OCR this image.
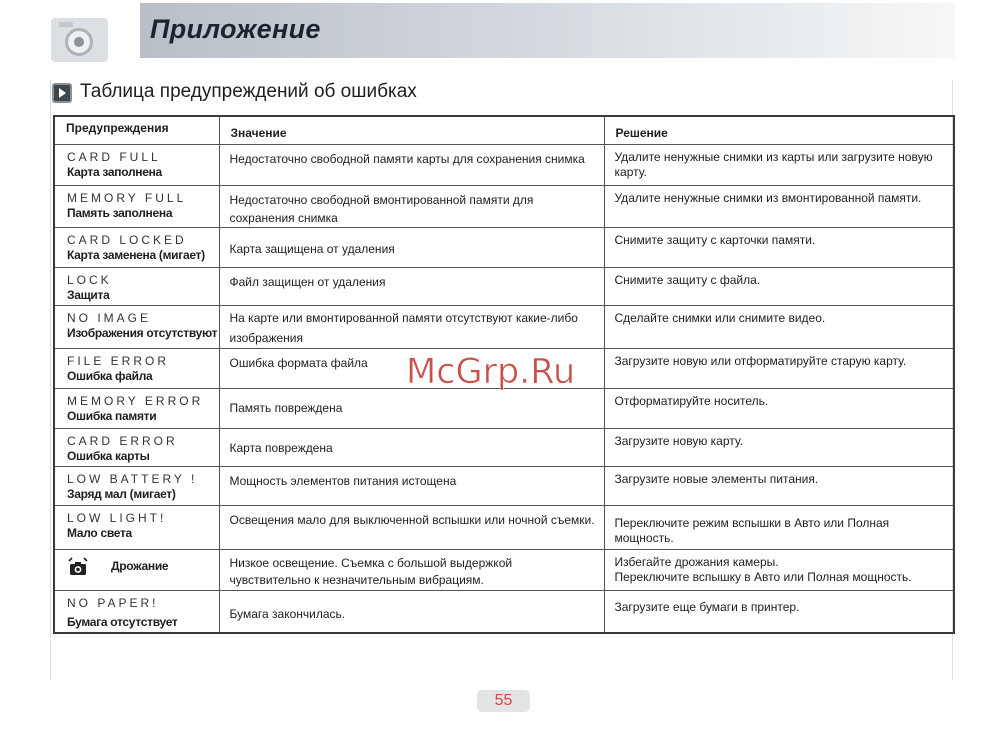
Приложение
Таблица предупреждений об ошибках
Предупреждения	Значение	Решение

CARD FULL
Карта заполнена	Недостаточно свободной памяти карты для сохранения снимка	Удалите ненужные снимки из карты или загрузите новую карту.

MEMORY FULL
Память заполнена	Недостаточно свободной вмонтированной памяти для сохранения снимка	Удалите ненужные снимки из вмонтированной памяти.

CARD LOCKED
Карта заменена (мигает)	Карта защищена от удаления	Снимите защиту с карточки памяти.

LOCK
Защита	Файл защищен от удаления	Снимите защиту с файла.

NO IMAGE
Изображения отсутствуют	На карте или вмонтированной памяти отсутствуют какие-либо изображения	Сделайте снимки или снимите видео.

FILE ERROR
Ошибка файла	Ошибка формата файла	Загрузите новую или отформатируйте старую карту.

MEMORY ERROR
Ошибка памяти	Память повреждена	Отформатируйте носитель.

CARD ERROR
Ошибка карты	Карта повреждена	Загрузите новую карту.

LOW BATTERY !
Заряд мал (мигает)	Мощность элементов питания истощена	Загрузите новые элементы питания.

LOW LIGHT!
Мало света	Освещения мало для выключенной вспышки или ночной съемки.	Переключите режим вспышки в Авто или Полная мощность.

Дрожание	Низкое освещение. Съемка с большой выдержкой чувствительно к незначительным вибрациям.	Избегайте дрожания камеры.
Переключите вспышку в Авто или Полная мощность.

NO PAPER!
Бумага отсутствует	Бумага закончилась.	Загрузите еще бумаги в принтер.
McGrp.Ru
55
